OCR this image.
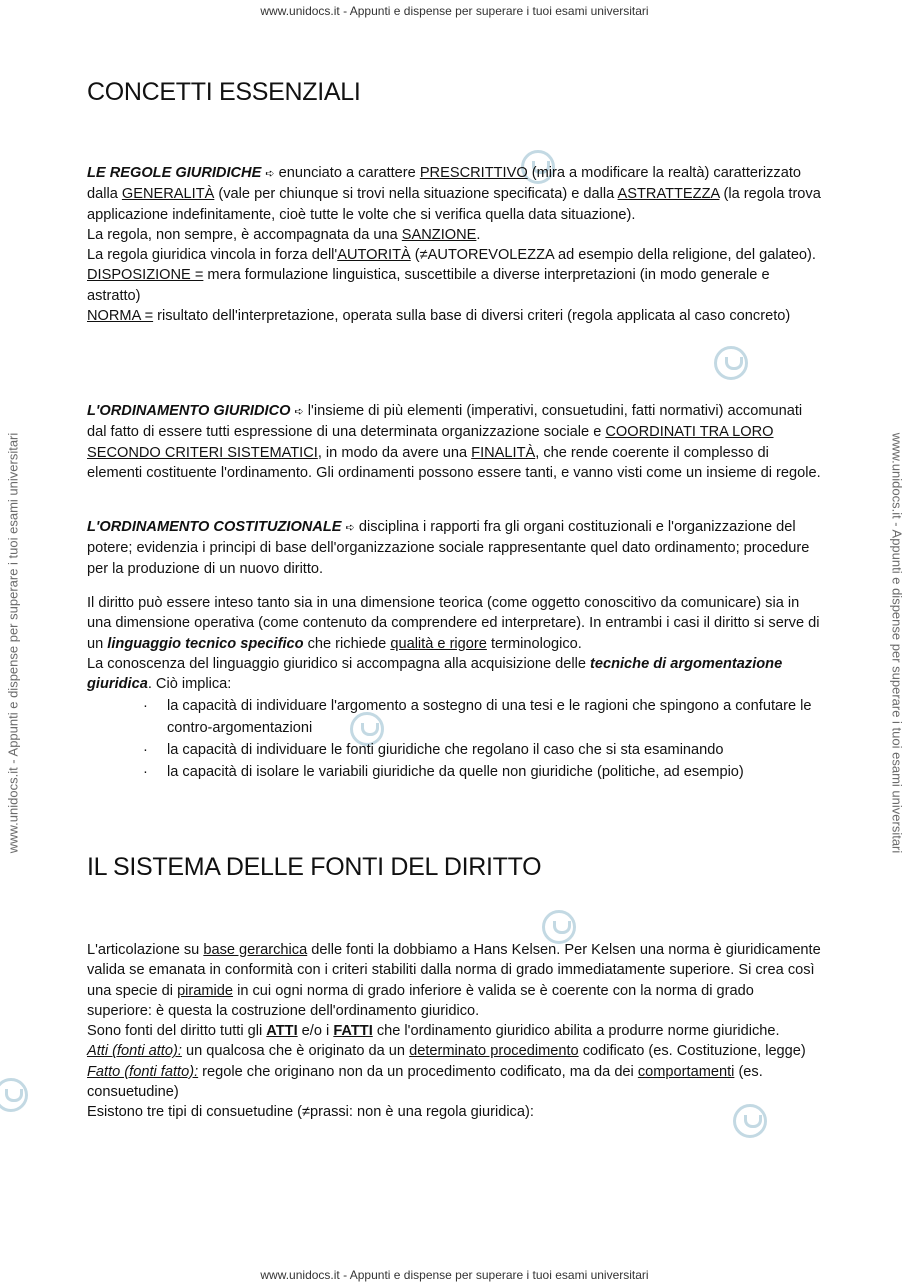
www.unidocs.it - Appunti e dispense per superare i tuoi esami universitari
www.unidocs.it - Appunti e dispense per superare i tuoi esami universitari
www.unidocs.it - Appunti e dispense per superare i tuoi esami universitari	www.unidocs.it - Appunti e dispense per superare i tuoi esami universitari
CONCETTI ESSENZIALI

LE REGOLE GIURIDICHE ➪ enunciato a carattere PRESCRITTIVO (mira a modificare la realtà) caratterizzato dalla GENERALITÀ (vale per chiunque si trovi nella situazione specificata) e dalla ASTRATTEZZA (la regola trova applicazione indefinitamente, cioè tutte le volte che si verifica quella data situazione).

La regola, non sempre, è accompagnata da una SANZIONE.

La regola giuridica vincola in forza dell'AUTORITÀ (≠AUTOREVOLEZZA ad esempio della religione, del galateo).

DISPOSIZIONE = mera formulazione linguistica, suscettibile a diverse interpretazioni (in modo generale e astratto)

NORMA = risultato dell'interpretazione, operata sulla base di diversi criteri (regola applicata al caso concreto)

L'ORDINAMENTO GIURIDICO ➪ l'insieme di più elementi (imperativi, consuetudini, fatti normativi) accomunati dal fatto di essere tutti espressione di una determinata organizzazione sociale e COORDINATI TRA LORO SECONDO CRITERI SISTEMATICI, in modo da avere una FINALITÀ, che rende coerente il complesso di elementi costituente l'ordinamento. Gli ordinamenti possono essere tanti, e vanno visti come un insieme di regole.

L'ORDINAMENTO COSTITUZIONALE ➪ disciplina i rapporti fra gli organi costituzionali e l'organizzazione del potere; evidenzia i principi di base dell'organizzazione sociale rappresentante quel dato ordinamento; procedure per la produzione di un nuovo diritto.

Il diritto può essere inteso tanto sia in una dimensione teorica (come oggetto conoscitivo da comunicare) sia in una dimensione operativa (come contenuto da comprendere ed interpretare). In entrambi i casi il diritto si serve di un linguaggio tecnico specifico che richiede qualità e rigore terminologico.

La conoscenza del linguaggio giuridico si accompagna alla acquisizione delle tecniche di argomentazione giuridica. Ciò implica:

· la capacità di individuare l'argomento a sostegno di una tesi e le ragioni che spingono a confutare le contro-argomentazioni
· la capacità di individuare le fonti giuridiche che regolano il caso che si sta esaminando
· la capacità di isolare le variabili giuridiche da quelle non giuridiche (politiche, ad esempio)
IL SISTEMA DELLE FONTI DEL DIRITTO

L'articolazione su base gerarchica delle fonti la dobbiamo a Hans Kelsen. Per Kelsen una norma è giuridicamente valida se emanata in conformità con i criteri stabiliti dalla norma di grado immediatamente superiore. Si crea così una specie di piramide in cui ogni norma di grado inferiore è valida se è coerente con la norma di grado superiore: è questa la costruzione dell'ordinamento giuridico.

Sono fonti del diritto tutti gli ATTI e/o i FATTI che l'ordinamento giuridico abilita a produrre norme giuridiche.

Atti (fonti atto): un qualcosa che è originato da un determinato procedimento codificato (es. Costituzione, legge)

Fatto (fonti fatto): regole che originano non da un procedimento codificato, ma da dei comportamenti (es. consuetudine)

Esistono tre tipi di consuetudine (≠prassi: non è una regola giuridica):
